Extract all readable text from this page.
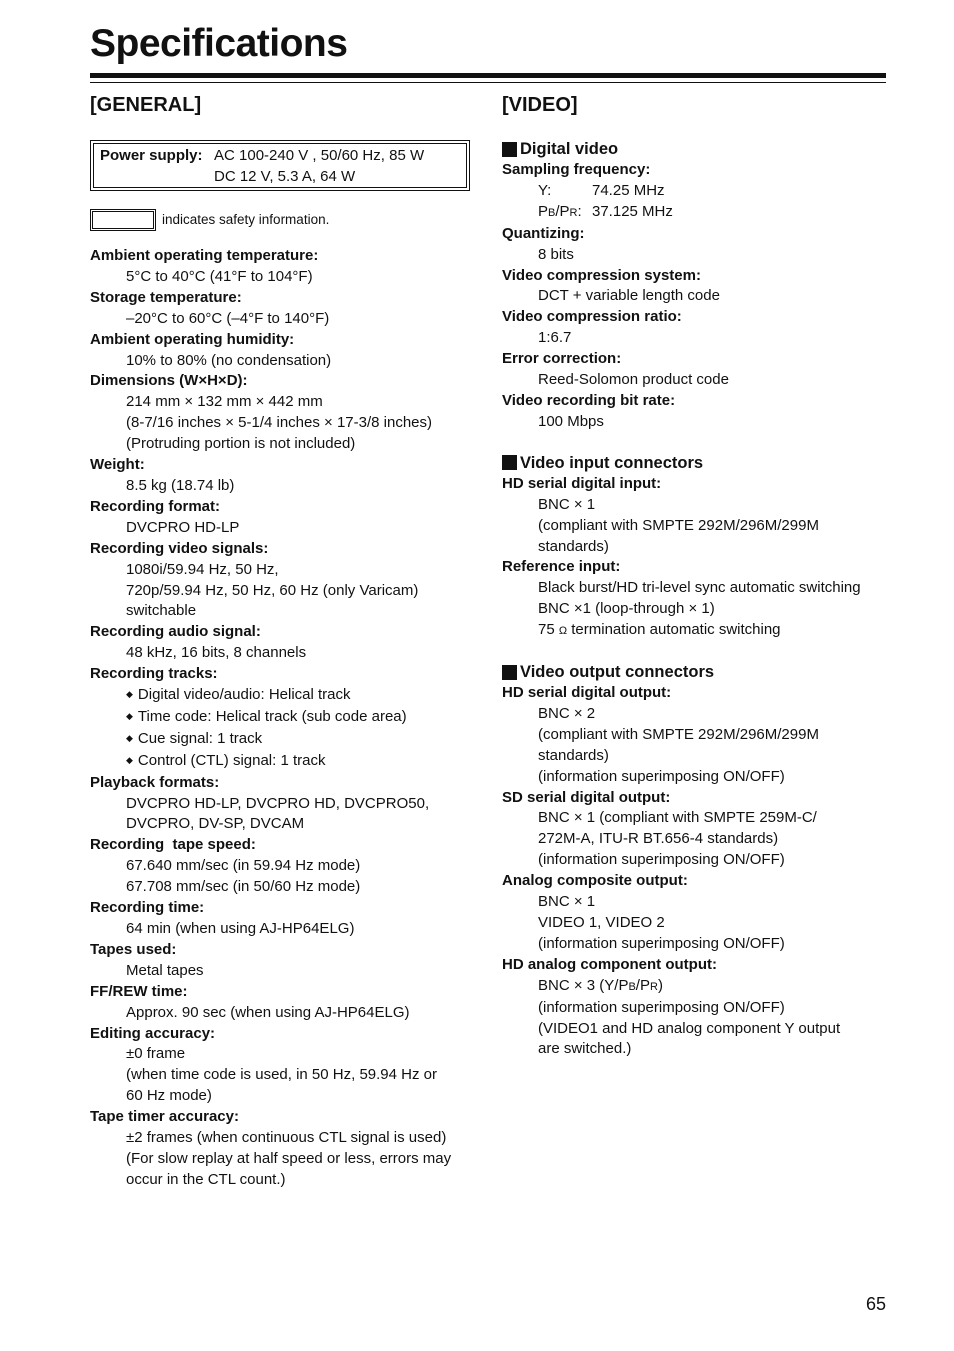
Specifications
[GENERAL]
Power supply: AC 100-240 V , 50/60 Hz, 85 W
DC 12 V, 5.3 A, 64 W
indicates safety information.
Ambient operating temperature:
5°C to 40°C (41°F to 104°F)
Storage temperature:
–20°C to 60°C (–4°F to 140°F)
Ambient operating humidity:
10% to 80% (no condensation)
Dimensions (W×H×D):
214 mm × 132 mm × 442 mm
(8-7/16 inches × 5-1/4 inches × 17-3/8 inches)
(Protruding portion is not included)
Weight:
8.5 kg (18.74 lb)
Recording format:
DVCPRO HD-LP
Recording video signals:
1080i/59.94 Hz, 50 Hz,
720p/59.94 Hz, 50 Hz, 60 Hz (only Varicam)
switchable
Recording audio signal:
48 kHz, 16 bits, 8 channels
Recording tracks:
◆ Digital video/audio: Helical track
◆ Time code: Helical track (sub code area)
◆ Cue signal: 1 track
◆ Control (CTL) signal: 1 track
Playback formats:
DVCPRO HD-LP, DVCPRO HD, DVCPRO50,
DVCPRO, DV-SP, DVCAM
Recording  tape speed:
67.640 mm/sec (in 59.94 Hz mode)
67.708 mm/sec (in 50/60 Hz mode)
Recording time:
64 min (when using AJ-HP64ELG)
Tapes used:
Metal tapes
FF/REW time:
Approx. 90 sec (when using AJ-HP64ELG)
Editing accuracy:
±0 frame
(when time code is used, in 50 Hz, 59.94 Hz or
60 Hz mode)
Tape timer accuracy:
±2 frames (when continuous CTL signal is used)
(For slow replay at half speed or less, errors may
occur in the CTL count.)
[VIDEO]
Digital video
Sampling frequency:
Y:	74.25 MHz
PB/PR: 37.125 MHz
Quantizing:
8 bits
Video compression system:
DCT + variable length code
Video compression ratio:
1:6.7
Error correction:
Reed-Solomon product code
Video recording bit rate:
100 Mbps
Video input connectors
HD serial digital input:
BNC × 1
(compliant with SMPTE 292M/296M/299M
standards)
Reference input:
Black burst/HD tri-level sync automatic switching
BNC ×1 (loop-through × 1)
75 Ω termination automatic switching
Video output connectors
HD serial digital output:
BNC × 2
(compliant with SMPTE 292M/296M/299M
standards)
(information superimposing ON/OFF)
SD serial digital output:
BNC × 1 (compliant with SMPTE 259M-C/
272M-A, ITU-R BT.656-4 standards)
(information superimposing ON/OFF)
Analog composite output:
BNC × 1
VIDEO 1, VIDEO 2
(information superimposing ON/OFF)
HD analog component output:
BNC × 3 (Y/PB/PR)
(information superimposing ON/OFF)
(VIDEO1 and HD analog component Y output
are switched.)
65
